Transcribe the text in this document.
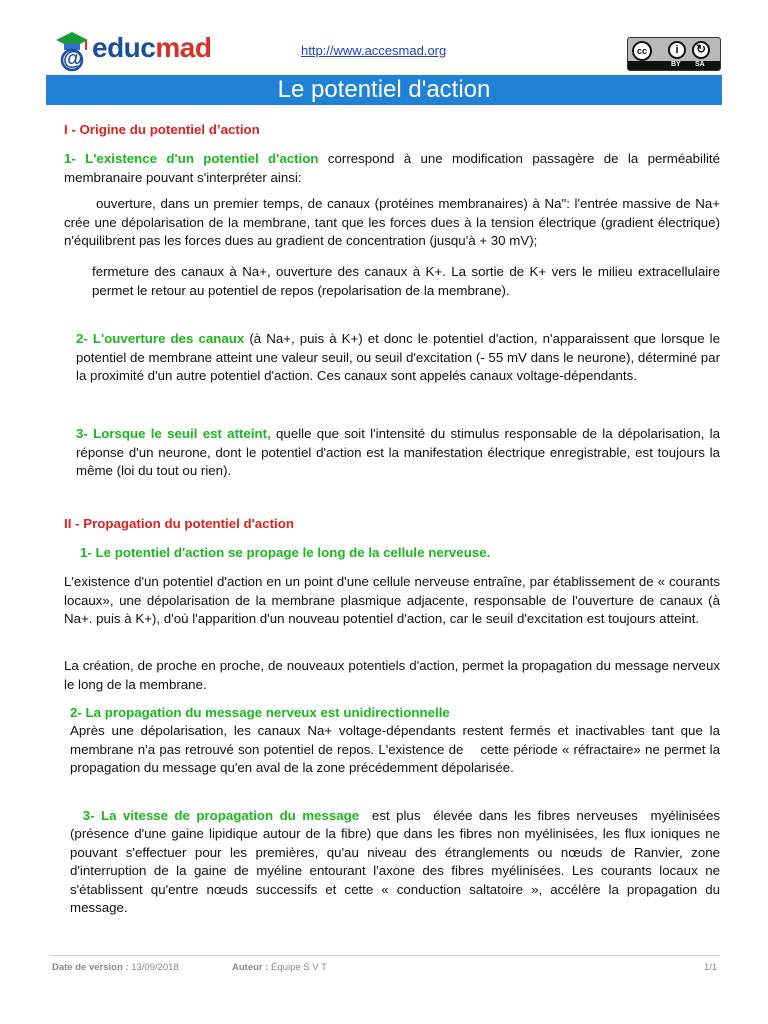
@ educmad	http://www.accesmad.org	cc	i	↻
BY SA
Le potentiel d'action
I - Origine du potentiel d’action
1- L'existence d'un potentiel d'action correspond à une modification passagère de la perméabilité membranaire pouvant s'interpréter ainsi:
ouverture, dans un premier temps, de canaux (protéines membranaires) à Na": l'entrée massive de Na+ crée une dépolarisation de la membrane, tant que les forces dues à la tension électrique (gradient électrique) n'équilibrent pas les forces dues au gradient de concentration (jusqu'à + 30 mV);
fermeture des canaux à Na+, ouverture des canaux à K+. La sortie de K+ vers le milieu extracellulaire permet le retour au potentiel de repos (repolarisation de la membrane).
2- L'ouverture des canaux (à Na+, puis à K+) et donc le potentiel d'action, n'apparaissent que lorsque le potentiel de membrane atteint une valeur seuil, ou seuil d'excitation (- 55 mV dans le neurone), déterminé par la proximité d'un autre potentiel d'action. Ces canaux sont appelés canaux voltage-dépendants.
3- Lorsque le seuil est atteint, quelle que soit l'intensité du stimulus responsable de la dépolarisation, la réponse d'un neurone, dont le potentiel d'action est la manifestation électrique enregistrable, est toujours la même (loi du tout ou rien).
II - Propagation du potentiel d'action
1- Le potentiel d'action se propage le long de la cellule nerveuse.
L'existence d'un potentiel d'action en un point d'une cellule nerveuse entraîne, par établissement de « courants locaux», une dépolarisation de la membrane plasmique adjacente, responsable de l'ouverture de canaux (à Na+. puis à K+), d'où l'apparition d'un nouveau potentiel d'action, car le seuil d'excitation est toujours atteint.
La création, de proche en proche, de nouveaux potentiels d'action, permet la propagation du message nerveux le long de la membrane.
2- La propagation du message nerveux est unidirectionnelle
Après une dépolarisation, les canaux Na+ voltage-dépendants restent fermés et inactivables tant que la membrane n'a pas retrouvé son potentiel de repos. L'existence de    cette période « réfractaire» ne permet la propagation du message qu'en aval de la zone précédemment dépolarisée.

3- La vitesse de propagation du message  est plus  élevée dans les fibres nerveuses  myélinisées (présence d'une gaine lipidique autour de la fibre) que dans les fibres non myélinisées, les flux ioniques ne pouvant s'effectuer pour les premières, qu'au niveau des étranglements ou nœuds de Ranvier, zone d'interruption de la gaine de myéline entourant l'axone des fibres myélinisées. Les courants locaux ne s'établissent qu'entre nœuds successifs et cette « conduction saltatoire », accélère la propagation du message.

Date de version : 13/09/2018	Auteur : Équipe S V T	1/1
